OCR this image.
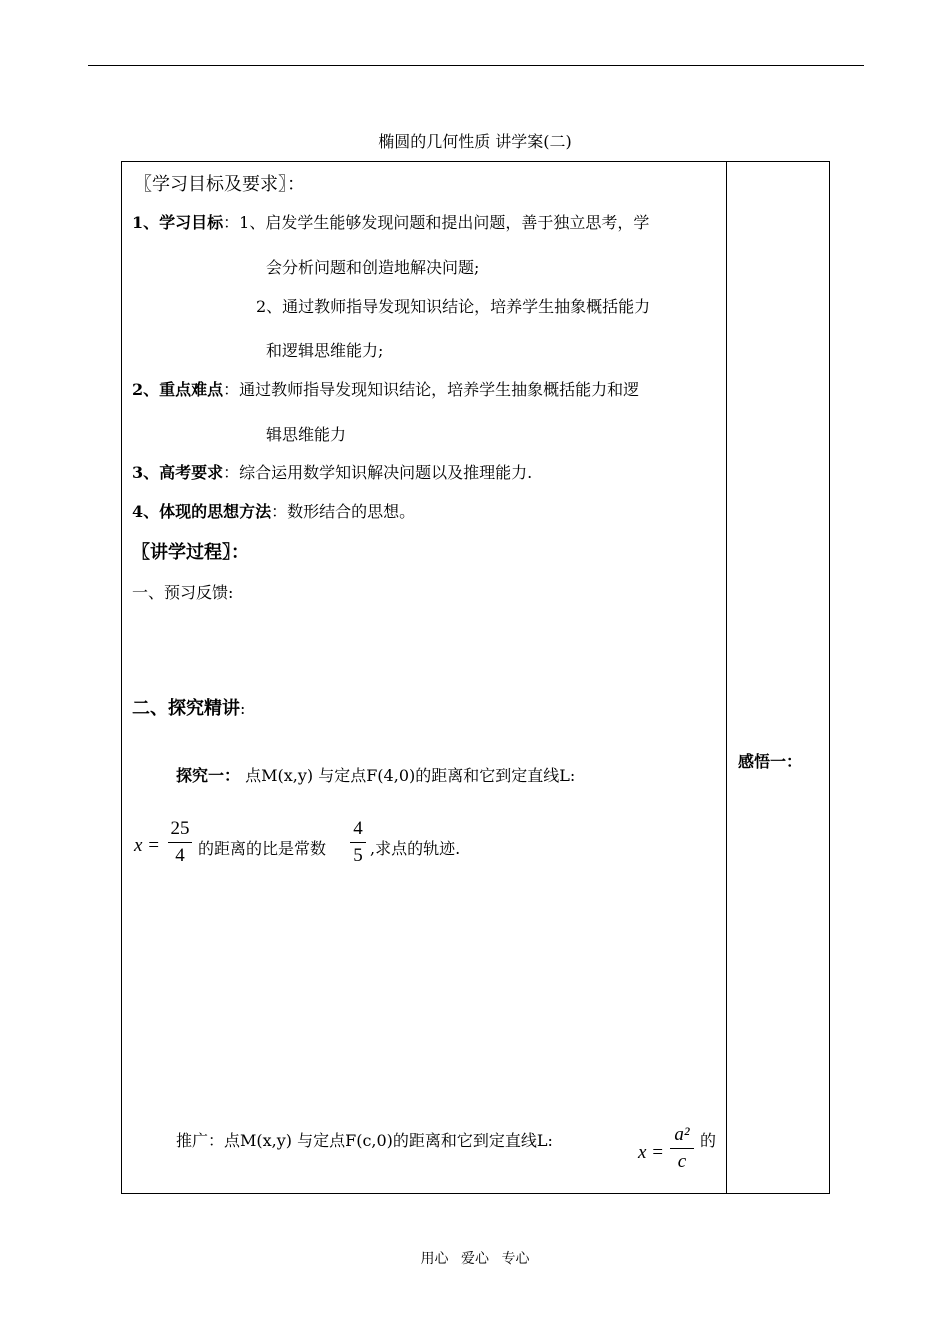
椭圆的几何性质 讲学案(二)
〖学习目标及要求〗：
1、学习目标：1、启发学生能够发现问题和提出问题，善于独立思考，学
会分析问题和创造地解决问题;
2、通过教师指导发现知识结论，培养学生抽象概括能力
和逻辑思维能力;
2、重点难点：通过教师指导发现知识结论，培养学生抽象概括能力和逻
辑思维能力
3、高考要求：综合运用数学知识解决问题以及推理能力.
4、体现的思想方法：数形结合的思想。
〖讲学过程〗：
一、预习反馈:
二、探究精讲:
探究一： 点M(x,y) 与定点F(4,0)的距离和它到定直线L:
x =
25
4 的距离的比是常数
4
5 ,求点的轨迹.
推广：点M(x,y) 与定点F(c,0)的距离和它到定直线L:
x =
a²
c
的
感悟一：
用心 爱心 专心
